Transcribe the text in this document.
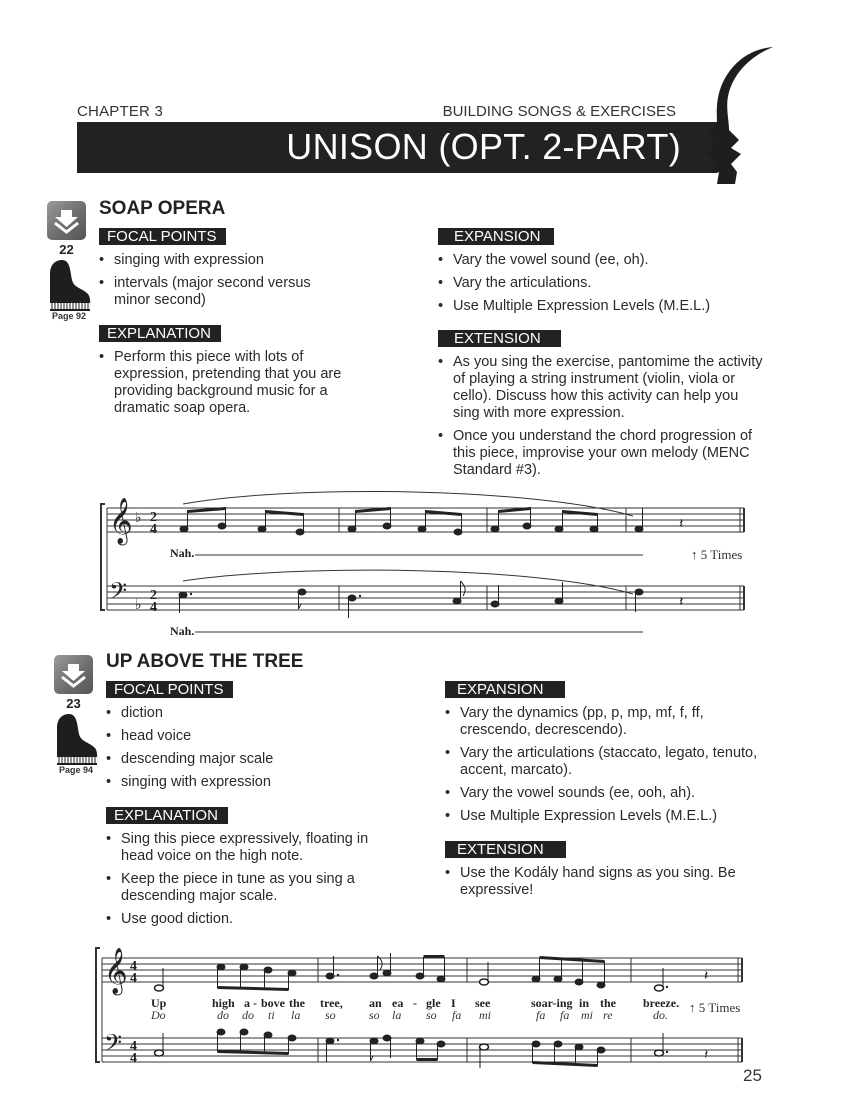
CHAPTER 3	BUILDING SONGS & EXERCISES
UNISON (OPT. 2-PART)
22
Page 92
SOAP OPERA
FOCAL POINTS
• singing with expression
• intervals (major second versus minor second)
EXPLANATION
• Perform this piece with lots of expression, pretending that you are providing background music for a dramatic soap opera.
EXPANSION
• Vary the vowel sound (ee, oh).
• Vary the articulations.
• Use Multiple Expression Levels (M.E.L.)
EXTENSION
• As you sing the exercise, pantomime the activity of playing a string instrument (violin, viola or cello). Discuss how this activity can help you sing with more expression.
• Once you understand the chord progression of this piece, improvise your own melody (MENC Standard #3).
𝄞 ♭ 2
4
𝄢 ♭
2
4
𝄽
𝄽
Nah.
Nah.
↑ 5 Times
23
Page 94
UP ABOVE THE TREE
FOCAL POINTS
• diction
• head voice
• descending major scale
• singing with expression
EXPLANATION
• Sing this piece expressively, floating in head voice on the high note.
• Keep the piece in tune as you sing a descending major scale.
• Use good diction.
EXPANSION
• Vary the dynamics (pp, p, mp, mf, f, ff, crescendo, decrescendo).
• Vary the articulations (staccato, legato, tenuto, accent, marcato).
• Vary the vowel sounds (ee, ooh, ah).
• Use Multiple Expression Levels (M.E.L.)
EXTENSION
• Use the Kodály hand signs as you sing. Be expressive!
𝄞 4
4
𝄢 4
4
𝄽
𝄽
Up	high a - bove the tree, an ea - gle I see	soar-ing in the breeze.
Do	do do ti la so	so la so fa mi	fa fa mi re	do. ↑ 5 Times
25
